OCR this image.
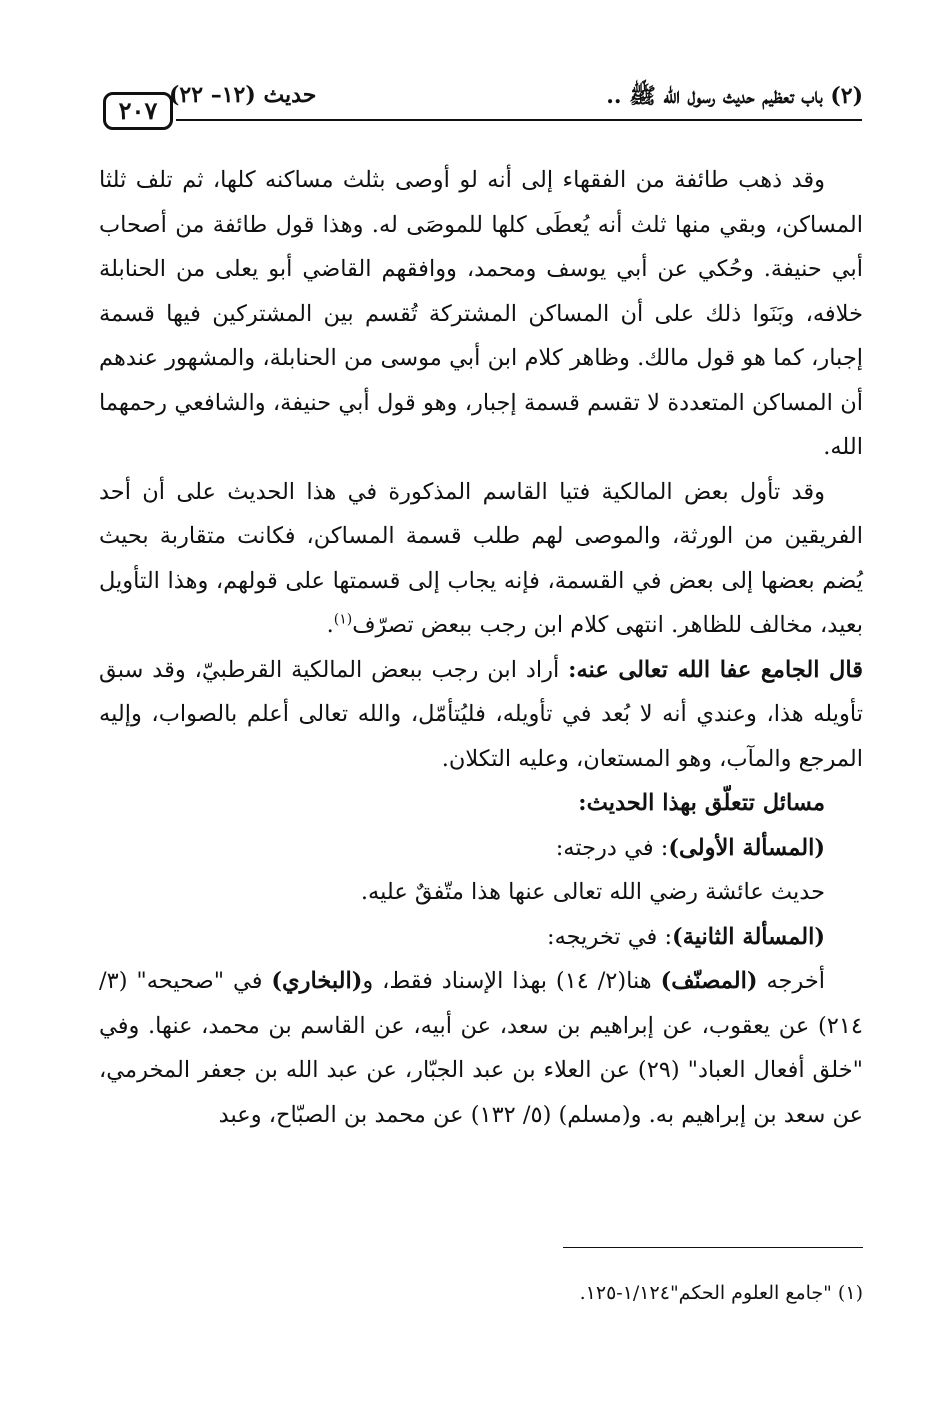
(٢) باب تعظيم حديث رسول الله ﷺ ..
حديث (١٢– ٢٢)
٢٠٧

وقد ذهب طائفة من الفقهاء إلى أنه لو أوصى بثلث مساكنه كلها، ثم تلف ثلثا المساكن، وبقي منها ثلث أنه يُعطَى كلها للموصَى له. وهذا قول طائفة من أصحاب أبي حنيفة. وحُكي عن أبي يوسف ومحمد، ووافقهم القاضي أبو يعلى من الحنابلة خلافه، وبَنَوا ذلك على أن المساكن المشتركة تُقسم بين المشتركين فيها قسمة إجبار، كما هو قول مالك. وظاهر كلام ابن أبي موسى من الحنابلة، والمشهور عندهم أن المساكن المتعددة لا تقسم قسمة إجبار، وهو قول أبي حنيفة، والشافعي رحمهما الله.

وقد تأول بعض المالكية فتيا القاسم المذكورة في هذا الحديث على أن أحد الفريقين من الورثة، والموصى لهم طلب قسمة المساكن، فكانت متقاربة بحيث يُضم بعضها إلى بعض في القسمة، فإنه يجاب إلى قسمتها على قولهم، وهذا التأويل بعيد، مخالف للظاهر. انتهى كلام ابن رجب ببعض تصرّف$^{(١)}$.

قال الجامع عفا الله تعالى عنه: أراد ابن رجب ببعض المالكية القرطبيّ، وقد سبق تأويله هذا، وعندي أنه لا بُعد في تأويله، فليُتأمّل، والله تعالى أعلم بالصواب، وإليه المرجع والمآب، وهو المستعان، وعليه التكلان.

مسائل تتعلّق بهذا الحديث:

(المسألة الأولى): في درجته:

حديث عائشة رضي الله تعالى عنها هذا متّفقٌ عليه.

(المسألة الثانية): في تخريجه:

أخرجه (المصنّف) هنا(٢/ ١٤) بهذا الإسناد فقط، و(البخاري) في "صحيحه" (٣/ ٢١٤) عن يعقوب، عن إبراهيم بن سعد، عن أبيه، عن القاسم بن محمد، عنها. وفي "خلق أفعال العباد" (٢٩) عن العلاء بن عبد الجبّار، عن عبد الله بن جعفر المخرمي، عن سعد بن إبراهيم به. و(مسلم) (٥/ ١٣٢) عن محمد بن الصبّاح، وعبد

(١) "جامع العلوم الحكم"١/١٢٤-١٢٥.
